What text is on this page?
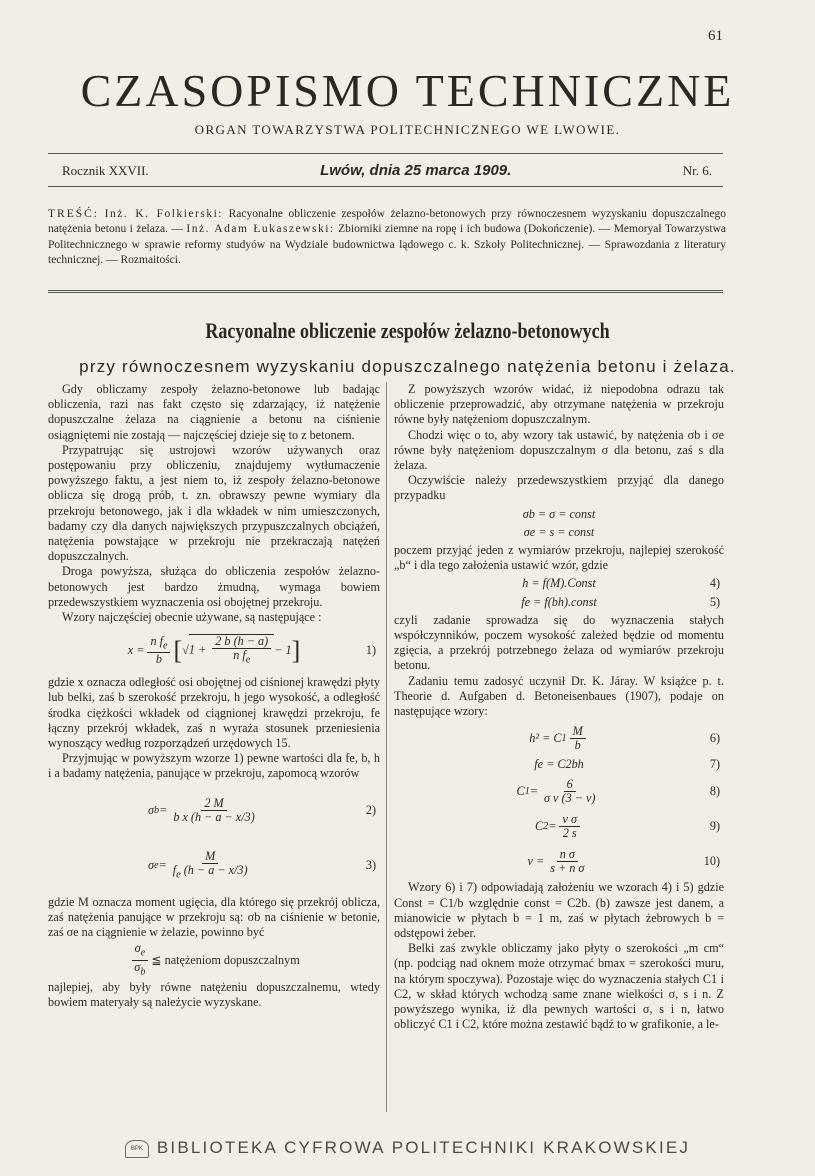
61
CZASOPISMO TECHNICZNE
ORGAN TOWARZYSTWA POLITECHNICZNEGO WE LWOWIE.
Rocznik XXVII.	Lwów, dnia 25 marca 1909.	Nr. 6.
TREŚĆ: Inż. K. Folkierski: Racyonalne obliczenie zespołów żelazno-betonowych przy równoczesnem wyzyskaniu dopuszczalnego natężenia betonu i żelaza. — Inż. Adam Łukaszewski: Zbiorniki ziemne na ropę i ich budowa (Dokończenie). — Memoryał Towarzystwa Politechnicznego w sprawie reformy studyów na Wydziale budownictwa lądowego c. k. Szkoły Politechnicznej. — Sprawozdania z literatury technicznej. — Rozmaitości.
Racyonalne obliczenie zespołów żelazno-betonowych
przy równoczesnem wyzyskaniu dopuszczalnego natężenia betonu i żelaza.

Gdy obliczamy zespoły żelazno-betonowe lub badając obliczenia, razi nas fakt często się zdarzający, iż natężenie dopuszczalne żelaza na ciągnienie a betonu na ciśnienie osiągniętemi nie zostają — najczęściej dzieje się to z betonem.

Przypatrując się ustrojowi wzorów używanych oraz postępowaniu przy obliczeniu, znajdujemy wytłumaczenie powyższego faktu, a jest niem to, iż zespoły żelazno-betonowe oblicza się drogą prób, t. zn. obrawszy pewne wymiary dla przekroju betonowego, jak i dla wkładek w nim umieszczonych, badamy czy dla danych największych przypuszczalnych obciążeń, natężenia powstające w przekroju nie przekraczają natężeń dopuszczalnych.

Droga powyższa, służąca do obliczenia zespołów żelazno-betonowych jest bardzo żmudną, wymaga bowiem przedewszystkiem wyznaczenia osi obojętnej przekroju.

Wzory najczęściej obecnie używane, są następujące :

$x = \frac{n f_e}{b}$ [ √ $1 + \frac{2 b (h - a)}{n f_e} - 1$ ]	1)

gdzie x oznacza odległość osi obojętnej od ciśnionej krawędzi płyty lub belki, zaś b szerokość przekroju, h jego wysokość, a odległość środka ciężkości wkładek od ciągnionej krawędzi przekroju, fe łączny przekrój wkładek, zaś n wyraża stosunek przeniesienia wynoszący według rozporządzeń urzędowych 15.

Przyjmując w powyższym wzorze 1) pewne wartości dla fe, b, h i a badamy natężenia, panujące w przekroju, zapomocą wzorów

σ $b = \frac{2 M}{\text{b x (h − a − x/3)}}$	2)
σ $e = \frac{M}{f_e (h - a - x/3)}$	3)

gdzie M oznacza moment ugięcia, dla którego się przekrój oblicza, zaś natężenia panujące w przekroju są: σb na ciśnienie w betonie, zaś σe na ciągnienie w żelazie, powinno być

$\frac{\sigma_e}{\sigma_b}$ ≦ natężeniom dopuszczalnym

najlepiej, aby były równe natężeniu dopuszczalnemu, wtedy bowiem materyały są należycie wyzyskane.

Z powyższych wzorów widać, iż niepodobna odrazu tak obliczenie przeprowadzić, aby otrzymane natężenia w przekroju równe były natężeniom dopuszczalnym.

Chodzi więc o to, aby wzory tak ustawić, by natężenia σb i σe równe były natężeniom dopuszczalnym σ dla betonu, zaś s dla żelaza.

Oczywiście należy przedewszystkiem przyjąć dla danego przypadku

σb = σ = const
σe = s = const

poczem przyjąć jeden z wymiarów przekroju, najlepiej szerokość „b“ i dla tego założenia ustawić wzór, gdzie

h = f(M).Const	4)
fe = f(bh).const	5)

czyli zadanie sprowadza się do wyznaczenia stałych współczynników, poczem wysokość zależed będzie od momentu zgięcia, a przekrój potrzebnego żelaza od wymiarów przekroju betonu.

Zadaniu temu zadosyć uczynił Dr. K. Járay. W książce p. t. Theorie d. Aufgaben d. Betoneisenbaues (1907), podaje on następujące wzory:

h² = C $1 \frac{M}{b}$	6)
fe = C2bh	7)
C $1 = \frac{6}{\text{σ v (3 − v)}}$	8)
C $2 = \frac{\text{v σ}}{2 s}$	9)
$v = \frac{\text{n σ}}{\text{s + n σ}}$	10)

Wzory 6) i 7) odpowiadają założeniu we wzorach 4) i 5) gdzie Const = C1/b względnie const = C2b. (b) zawsze jest danem, a mianowicie w płytach b = 1 m, zaś w płytach żebrowych b = odstępowi żeber.

Belki zaś zwykle obliczamy jako płyty o szerokości „m cm“ (np. podciąg nad oknem może otrzymać bmax = szerokości muru, na którym spoczywa). Pozostaje więc do wyznaczenia stałych C1 i C2, w skład których wchodzą same znane wielkości σ, s i n. Z powyższego wynika, iż dla pewnych wartości σ, s i n, łatwo obliczyć C1 i C2, które można zestawić bądź to w grafikonie, a le-

BPK BIBLIOTEKA CYFROWA POLITECHNIKI KRAKOWSKIEJ
